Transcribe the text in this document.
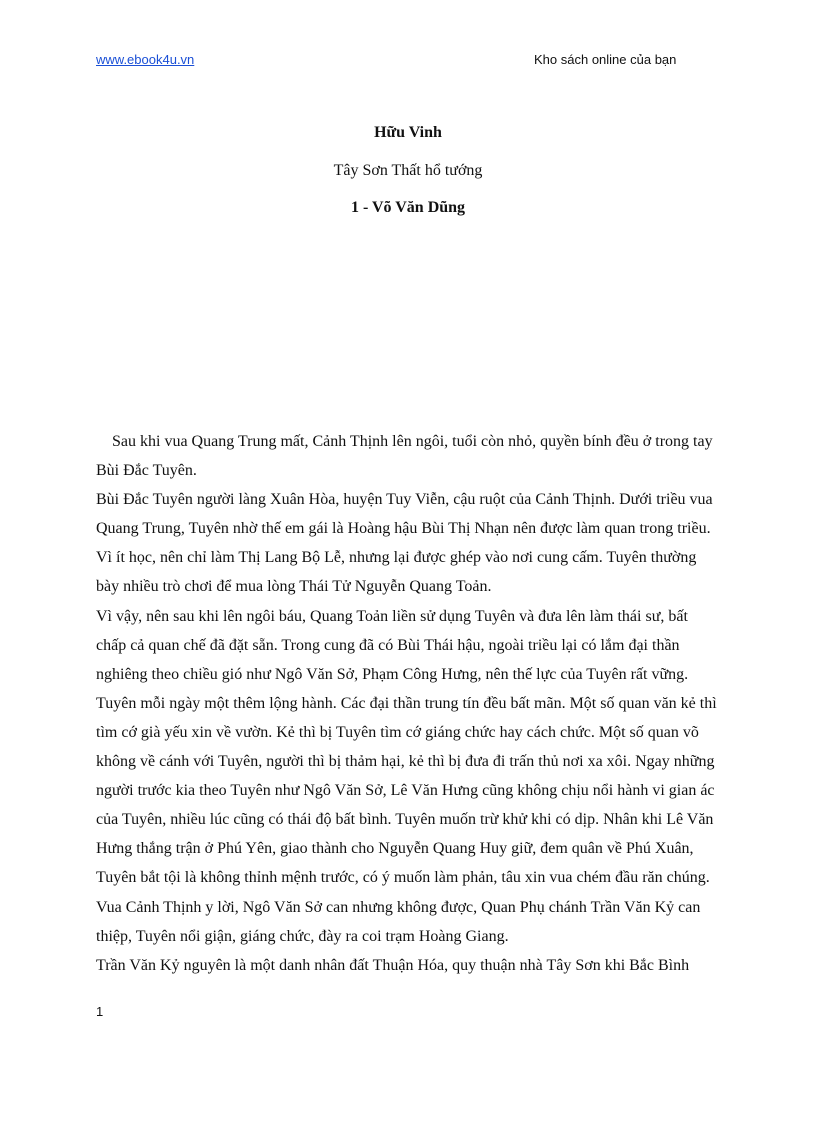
www.ebook4u.vn	Kho sách online của bạn
Hữu Vinh
Tây Sơn Thất hổ tướng
1 - Võ Văn Dũng

Sau khi vua Quang Trung mất, Cảnh Thịnh lên ngôi, tuổi còn nhỏ, quyền bính đều ở trong tay Bùi Đắc Tuyên.

Bùi Đắc Tuyên người làng Xuân Hòa, huyện Tuy Viễn, cậu ruột của Cảnh Thịnh. Dưới triều vua Quang Trung, Tuyên nhờ thế em gái là Hoàng hậu Bùi Thị Nhạn nên được làm quan trong triều. Vì ít học, nên chỉ làm Thị Lang Bộ Lễ, nhưng lại được ghép vào nơi cung cấm. Tuyên thường bày nhiều trò chơi để mua lòng Thái Tử Nguyễn Quang Toản.

Vì vậy, nên sau khi lên ngôi báu, Quang Toản liền sử dụng Tuyên và đưa lên làm thái sư, bất chấp cả quan chế đã đặt sẵn. Trong cung đã có Bùi Thái hậu, ngoài triều lại có lắm đại thần nghiêng theo chiều gió như Ngô Văn Sở, Phạm Công Hưng, nên thế lực của Tuyên rất vững. Tuyên mỗi ngày một thêm lộng hành. Các đại thần trung tín đều bất mãn. Một số quan văn kẻ thì tìm cớ già yếu xin về vườn. Kẻ thì bị Tuyên tìm cớ giáng chức hay cách chức. Một số quan võ không về cánh với Tuyên, người thì bị thảm hại, kẻ thì bị đưa đi trấn thủ nơi xa xôi. Ngay những người trước kia theo Tuyên như Ngô Văn Sở, Lê Văn Hưng cũng không chịu nổi hành vi gian ác của Tuyên, nhiều lúc cũng có thái độ bất bình. Tuyên muốn trừ khử khi có dịp. Nhân khi Lê Văn Hưng thắng trận ở Phú Yên, giao thành cho Nguyễn Quang Huy giữ, đem quân về Phú Xuân, Tuyên bắt tội là không thỉnh mệnh trước, có ý muốn làm phản, tâu xin vua chém đầu răn chúng. Vua Cảnh Thịnh y lời, Ngô Văn Sở can nhưng không được, Quan Phụ chánh Trần Văn Kỷ can thiệp, Tuyên nổi giận, giáng chức, đày ra coi trạm Hoàng Giang.

Trần Văn Kỷ nguyên là một danh nhân đất Thuận Hóa, quy thuận nhà Tây Sơn khi Bắc Bình

1
